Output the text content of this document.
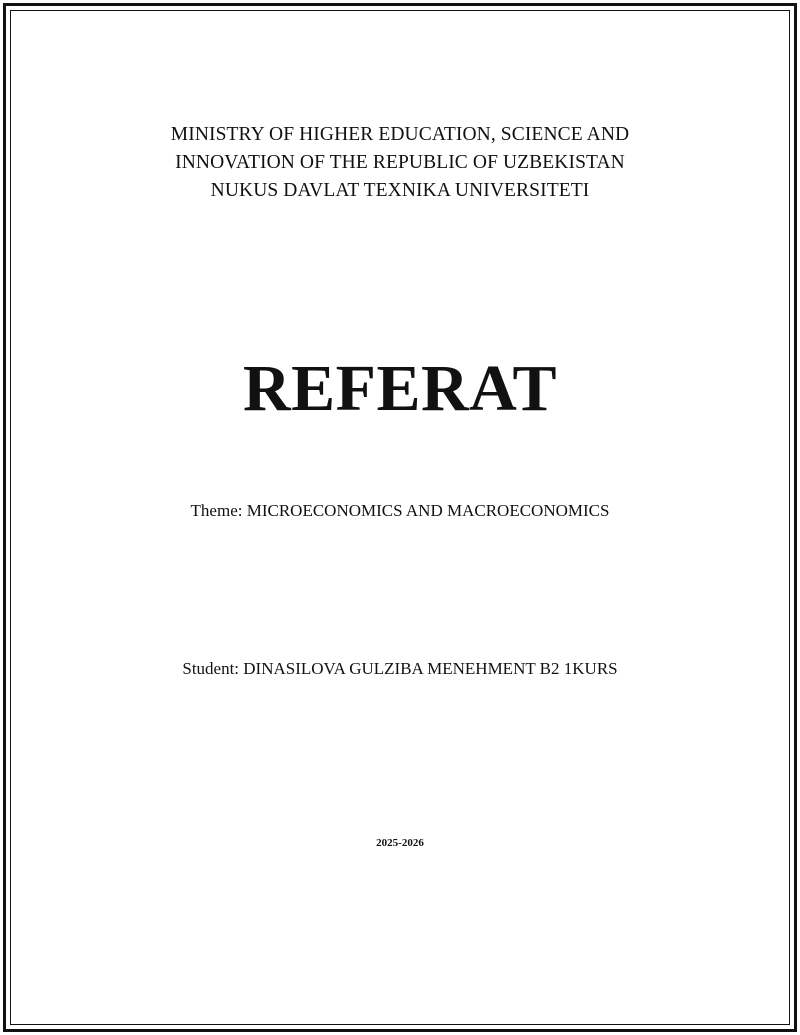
MINISTRY OF HIGHER EDUCATION, SCIENCE AND
INNOVATION OF THE REPUBLIC OF UZBEKISTAN
NUKUS DAVLAT TEXNIKA UNIVERSITETI
REFERAT
Theme: MICROECONOMICS AND MACROECONOMICS
Student: DINASILOVA GULZIBA MENEHMENT B2 1KURS
2025-2026
